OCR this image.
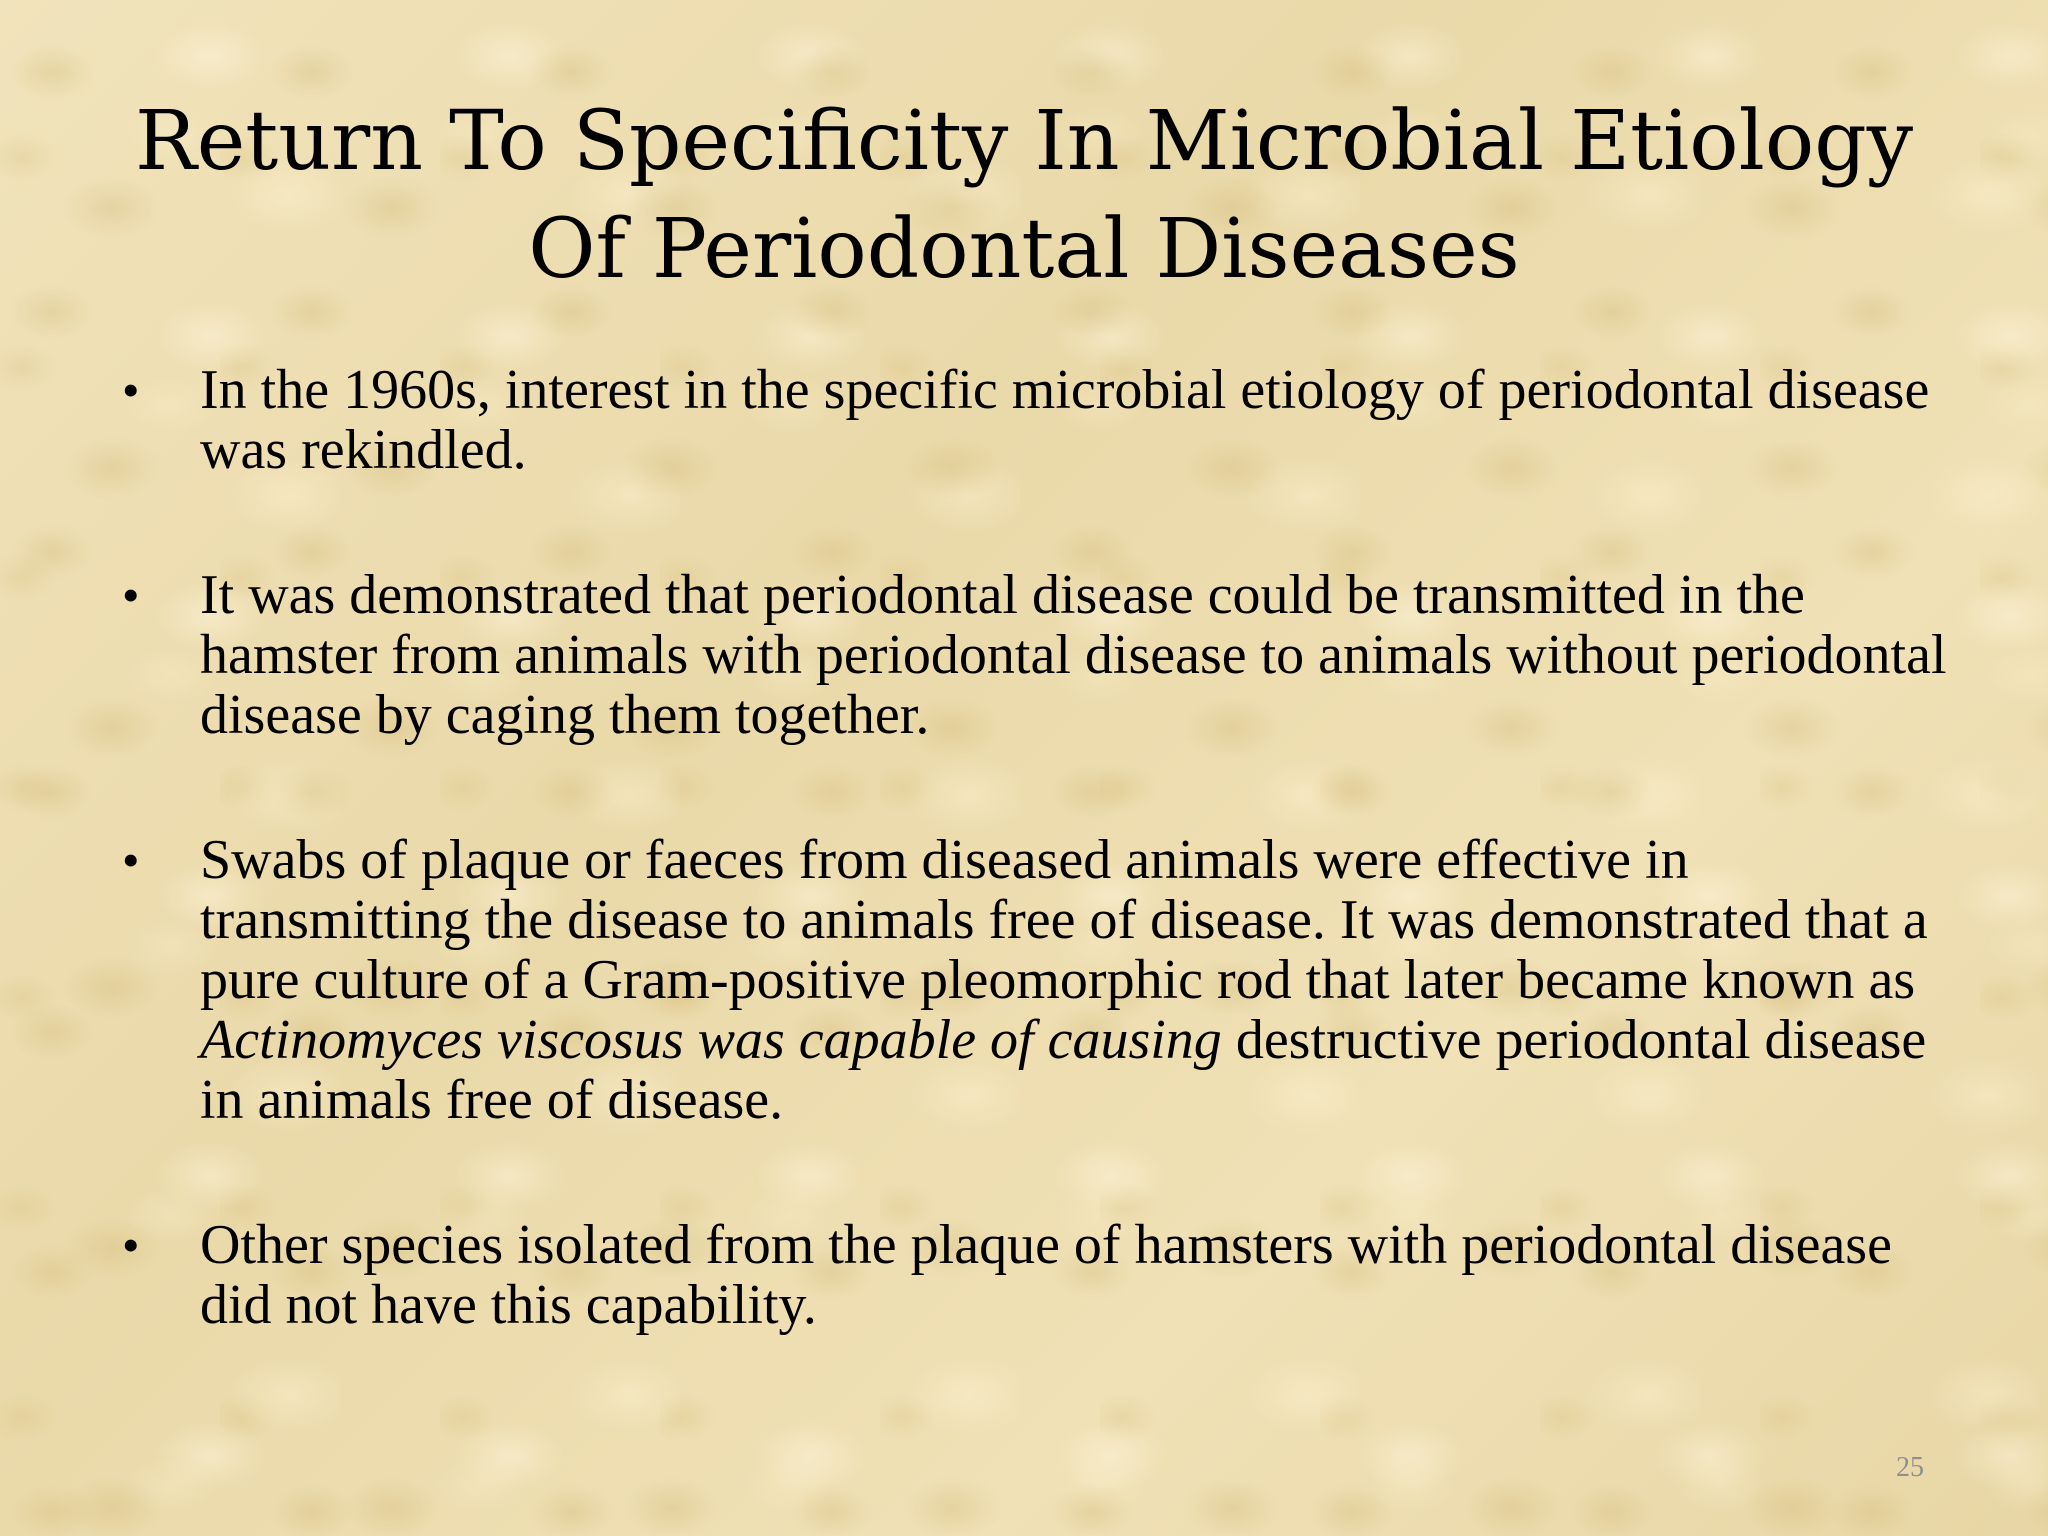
Return To Specificity In Microbial Etiology
Of Periodontal Diseases
• In the 1960s, interest in the specific microbial etiology of periodontal disease was rekindled.
• It was demonstrated that periodontal disease could be transmitted in the hamster from animals with periodontal disease to animals without periodontal disease by caging them together.
• Swabs of plaque or faeces from diseased animals were effective in transmitting the disease to animals free of disease. It was demonstrated that a pure culture of a Gram-positive pleomorphic rod that later became known as Actinomyces viscosus was capable of causing destructive periodontal disease in animals free of disease.
• Other species isolated from the plaque of hamsters with periodontal disease did not have this capability.
25
